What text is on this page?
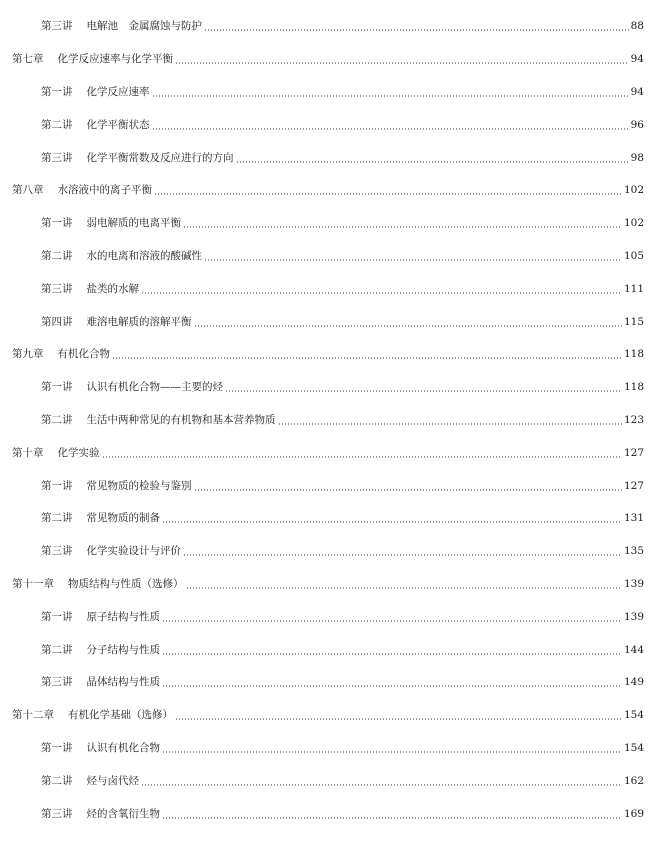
第三讲 电解池　金属腐蚀与防护	88
第七章 化学反应速率与化学平衡	94
第一讲 化学反应速率	94
第二讲 化学平衡状态	96
第三讲 化学平衡常数及反应进行的方向	98
第八章 水溶液中的离子平衡	102
第一讲 弱电解质的电离平衡	102
第二讲 水的电离和溶液的酸碱性	105
第三讲 盐类的水解	111
第四讲 难溶电解质的溶解平衡	115
第九章 有机化合物	118
第一讲 认识有机化合物——主要的烃	118
第二讲 生活中两种常见的有机物和基本营养物质	123
第十章 化学实验	127
第一讲 常见物质的检验与鉴别	127
第二讲 常见物质的制备	131
第三讲 化学实验设计与评价	135
第十一章 物质结构与性质（选修）	139
第一讲 原子结构与性质	139
第二讲 分子结构与性质	144
第三讲 晶体结构与性质	149
第十二章 有机化学基础（选修）	154
第一讲 认识有机化合物	154
第二讲 烃与卤代烃	162
第三讲 烃的含氧衍生物	169
